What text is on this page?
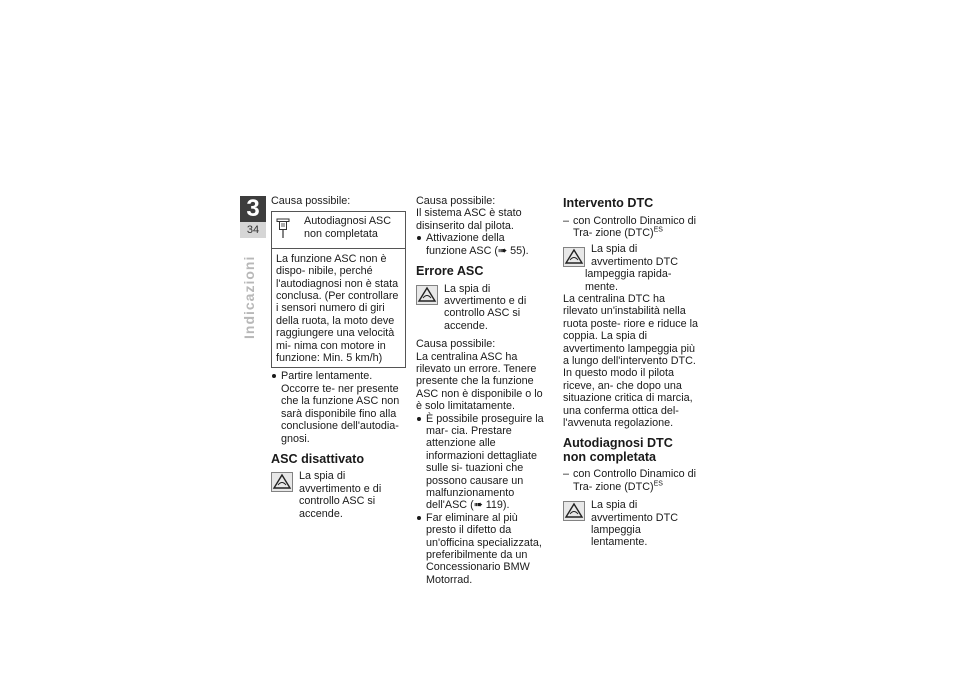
3
34
Indicazioni

Causa possibile:

Autodiagnosi ASC non completata
La funzione ASC non è dispo- nibile, perché l'autodiagnosi non è stata conclusa. (Per controllare i sensori numero di giri della ruota, la moto deve raggiungere una velocità mi- nima con motore in funzione: Min. 5 km/h)

Partire lentamente. Occorre te- ner presente che la funzione ASC non sarà disponibile fino alla conclusione dell'autodia- gnosi.

ASC disattivato
La spia di avvertimento e di controllo ASC si accende.

Causa possibile:

Il sistema ASC è stato disinserito dal pilota.

Attivazione della funzione ASC (➠ 55).

Errore ASC
La spia di avvertimento e di controllo ASC si accende.

Causa possibile:

La centralina ASC ha rilevato un errore. Tenere presente che la funzione ASC non è disponibile o lo è solo limitatamente.

È possibile proseguire la mar- cia. Prestare attenzione alle informazioni dettagliate sulle si- tuazioni che possono causare un malfunzionamento dell'ASC (➠ 119).

Far eliminare al più presto il difetto da un'officina specializzata, preferibilmente da un Concessionario BMW Motorrad.

Intervento DTC

– con Controllo Dinamico di Tra- zione (DTC)$^{ES}$

La spia di avvertimento DTC lampeggia rapida- mente.

La centralina DTC ha rilevato un'instabilità nella ruota poste- riore e riduce la coppia. La spia di avvertimento lampeggia più a lungo dell'intervento DTC. In questo modo il pilota riceve, an- che dopo una situazione critica di marcia, una conferma ottica del- l'avvenuta regolazione.

Autodiagnosi DTC non completata

– con Controllo Dinamico di Tra- zione (DTC)$^{ES}$

La spia di avvertimento DTC lampeggia lentamente.
